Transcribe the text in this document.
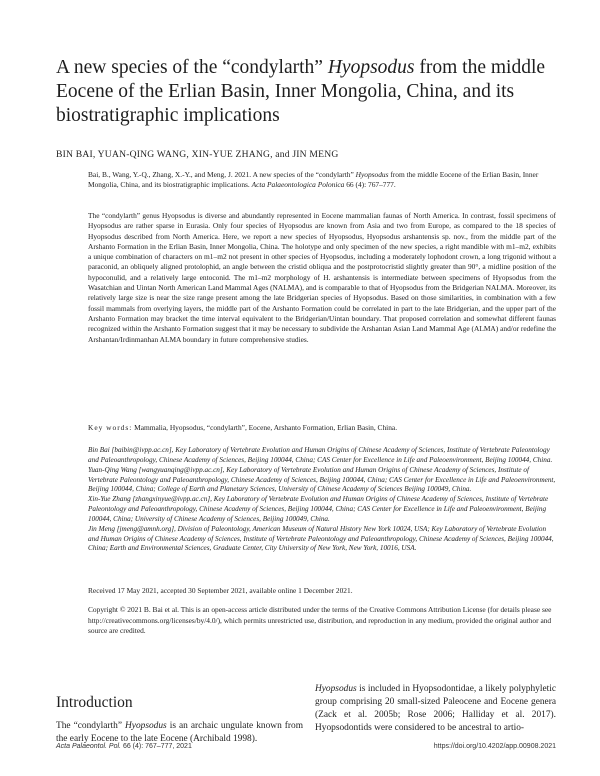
A new species of the “condylarth” Hyopsodus from the middle Eocene of the Erlian Basin, Inner Mongolia, China, and its biostratigraphic implications
BIN BAI, YUAN-QING WANG, XIN-YUE ZHANG, and JIN MENG
Bai, B., Wang, Y.-Q., Zhang, X.-Y., and Meng, J. 2021. A new species of the “condylarth” Hyopsodus from the middle Eocene of the Erlian Basin, Inner Mongolia, China, and its biostratigraphic implications. Acta Palaeontologica Polonica 66 (4): 767–777.
The “condylarth” genus Hyopsodus is diverse and abundantly represented in Eocene mammalian faunas of North America. In contrast, fossil specimens of Hyopsodus are rather sparse in Eurasia. Only four species of Hyopsodus are known from Asia and two from Europe, as compared to the 18 species of Hyopsodus described from North America. Here, we report a new species of Hyopsodus, Hyopsodus arshantensis sp. nov., from the middle part of the Arshanto Formation in the Erlian Basin, Inner Mongolia, China. The holotype and only specimen of the new species, a right mandible with m1–m2, exhibits a unique combination of characters on m1–m2 not present in other species of Hyopsodus, including a moderately lophodont crown, a long trigonid without a paraconid, an obliquely aligned protolophid, an angle between the cristid obliqua and the postprotocristid slightly greater than 90°, a midline position of the hypoconulid, and a relatively large entoconid. The m1–m2 morphology of H. arshantensis is intermediate between specimens of Hyopsodus from the Wasatchian and Uintan North American Land Mammal Ages (NALMA), and is comparable to that of Hyopsodus from the Bridgerian NALMA. Moreover, its relatively large size is near the size range present among the late Bridgerian species of Hyopsodus. Based on those similarities, in combination with a few fossil mammals from overlying layers, the middle part of the Arshanto Formation could be correlated in part to the late Bridgerian, and the upper part of the Arshanto Formation may bracket the time interval equivalent to the Bridgerian/Uintan boundary. That proposed correlation and somewhat different faunas recognized within the Arshanto Formation suggest that it may be necessary to subdivide the Arshantan Asian Land Mammal Age (ALMA) and/or redefine the Arshantan/Irdinmanhan ALMA boundary in future comprehensive studies.
Key words: Mammalia, Hyopsodus, “condylarth”, Eocene, Arshanto Formation, Erlian Basin, China.

Bin Bai [baibin@ivpp.ac.cn], Key Laboratory of Vertebrate Evolution and Human Origins of Chinese Academy of Sciences, Institute of Vertebrate Paleontology and Paleoanthropology, Chinese Academy of Sciences, Beijing 100044, China; CAS Center for Excellence in Life and Paleoenvironment, Beijing 100044, China.

Yuan-Qing Wang [wangyuanqing@ivpp.ac.cn], Key Laboratory of Vertebrate Evolution and Human Origins of Chinese Academy of Sciences, Institute of Vertebrate Paleontology and Paleoanthropology, Chinese Academy of Sciences, Beijing 100044, China; CAS Center for Excellence in Life and Paleoenvironment, Beijing 100044, China; College of Earth and Planetary Sciences, University of Chinese Academy of Sciences Beijing 100049, China.

Xin-Yue Zhang [zhangxinyue@ivpp.ac.cn], Key Laboratory of Vertebrate Evolution and Human Origins of Chinese Academy of Sciences, Institute of Vertebrate Paleontology and Paleoanthropology, Chinese Academy of Sciences, Beijing 100044, China; CAS Center for Excellence in Life and Paleoenvironment, Beijing 100044, China; University of Chinese Academy of Sciences, Beijing 100049, China.

Jin Meng [jmeng@amnh.org], Division of Paleontology, American Museum of Natural History New York 10024, USA; Key Laboratory of Vertebrate Evolution and Human Origins of Chinese Academy of Sciences, Institute of Vertebrate Paleontology and Paleoanthropology, Chinese Academy of Sciences, Beijing 100044, China; Earth and Environmental Sciences, Graduate Center, City University of New York, New York, 10016, USA.

Received 17 May 2021, accepted 30 September 2021, available online 1 December 2021.
Copyright © 2021 B. Bai et al. This is an open-access article distributed under the terms of the Creative Commons Attribution License (for details please see http://creativecommons.org/licenses/by/4.0/), which permits unrestricted use, distribution, and reproduction in any medium, provided the original author and source are credited.
Introduction
The “condylarth” Hyopsodus is an archaic ungulate known from the early Eocene to the late Eocene (Archibald 1998).
Hyopsodus is included in Hyopsodontidae, a likely polyphyletic group comprising 20 small-sized Paleocene and Eocene genera (Zack et al. 2005b; Rose 2006; Halliday et al. 2017). Hyopsodontids were considered to be ancestral to artio-
Acta Palaeontol. Pol. 66 (4): 767–777, 2021	https://doi.org/10.4202/app.00908.2021
